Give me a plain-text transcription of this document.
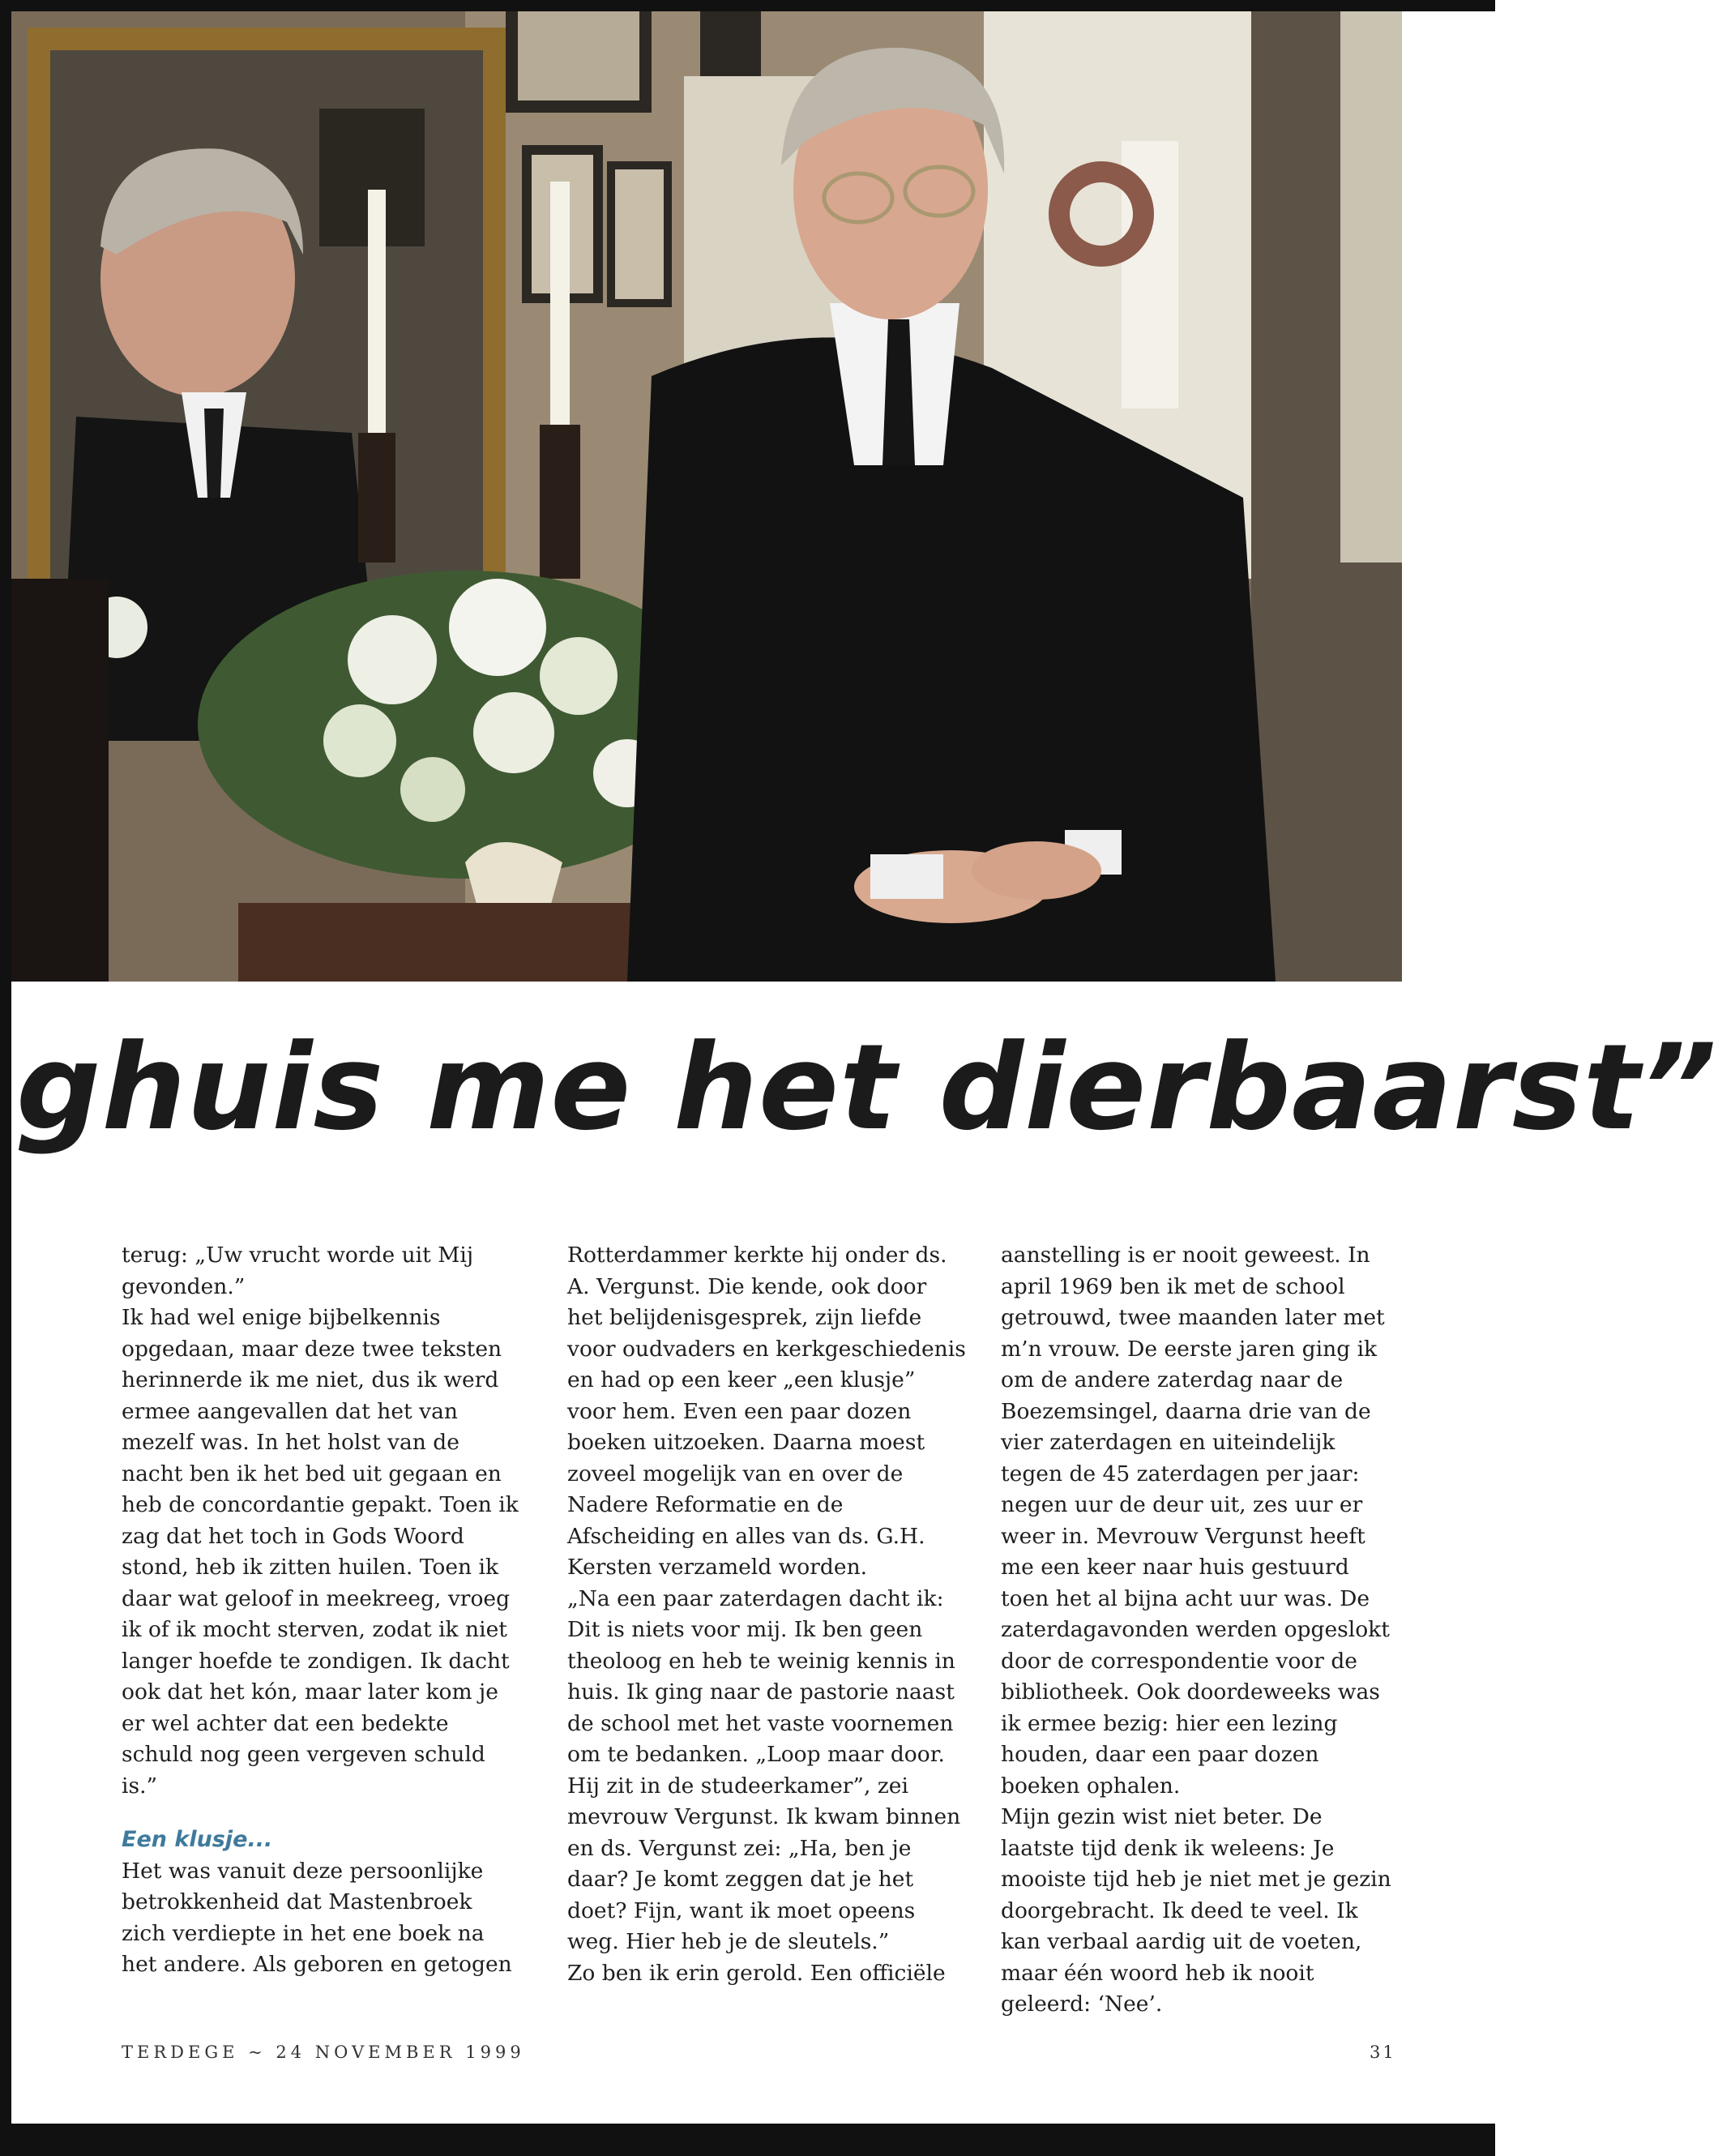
ghuis me het dierbaarst”

terug: „Uw vrucht worde uit Mij gevonden.”

Ik had wel enige bijbelkennis opgedaan, maar deze twee teksten herinnerde ik me niet, dus ik werd ermee aangevallen dat het van mezelf was. In het holst van de nacht ben ik het bed uit gegaan en heb de concordantie gepakt. Toen ik zag dat het toch in Gods Woord stond, heb ik zitten huilen. Toen ik daar wat geloof in meekreeg, vroeg ik of ik mocht sterven, zodat ik niet langer hoefde te zondigen. Ik dacht ook dat het kón, maar later kom je er wel achter dat een bedekte schuld nog geen vergeven schuld is.”

Een klusje...

Het was vanuit deze persoonlijke betrokkenheid dat Mastenbroek zich verdiepte in het ene boek na het andere. Als geboren en getogen

Rotterdammer kerkte hij onder ds. A. Vergunst. Die kende, ook door het belijdenisgesprek, zijn liefde voor oudvaders en kerkgeschiedenis en had op een keer „een klusje” voor hem. Even een paar dozen boeken uitzoeken. Daarna moest zoveel mogelijk van en over de Nadere Reformatie en de Afscheiding en alles van ds. G.H. Kersten verzameld worden.

„Na een paar zaterdagen dacht ik: Dit is niets voor mij. Ik ben geen theoloog en heb te weinig kennis in huis. Ik ging naar de pastorie naast de school met het vaste voornemen om te bedanken. „Loop maar door. Hij zit in de studeerkamer”, zei mevrouw Vergunst. Ik kwam binnen en ds. Vergunst zei: „Ha, ben je daar? Je komt zeggen dat je het doet? Fijn, want ik moet opeens weg. Hier heb je de sleutels.”

Zo ben ik erin gerold. Een officiële

aanstelling is er nooit geweest. In april 1969 ben ik met de school getrouwd, twee maanden later met m’n vrouw. De eerste jaren ging ik om de andere zaterdag naar de Boezemsingel, daarna drie van de vier zaterdagen en uiteindelijk tegen de 45 zaterdagen per jaar: negen uur de deur uit, zes uur er weer in. Mevrouw Vergunst heeft me een keer naar huis gestuurd toen het al bijna acht uur was. De zaterdagavonden werden opgeslokt door de correspondentie voor de bibliotheek. Ook doordeweeks was ik ermee bezig: hier een lezing houden, daar een paar dozen boeken ophalen.

Mijn gezin wist niet beter. De laatste tijd denk ik weleens: Je mooiste tijd heb je niet met je gezin doorgebracht. Ik deed te veel. Ik kan verbaal aardig uit de voeten, maar één woord heb ik nooit geleerd: ‘Nee’.

TERDEGE ~ 24 NOVEMBER 1999	31
